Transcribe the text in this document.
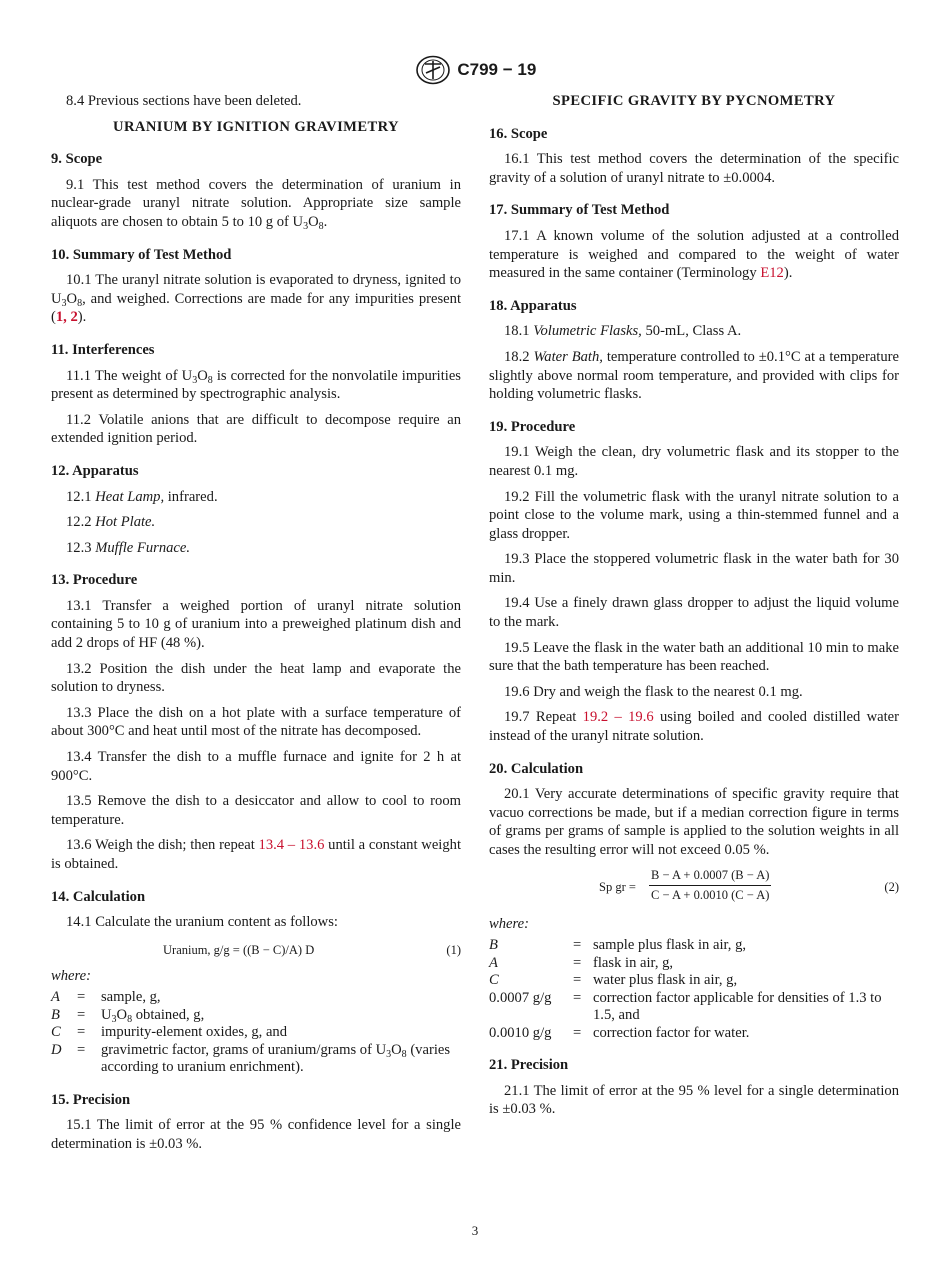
C799 − 19

8.4 Previous sections have been deleted.

URANIUM BY IGNITION GRAVIMETRY

9. Scope

9.1 This test method covers the determination of uranium in nuclear-grade uranyl nitrate solution. Appropriate size sample aliquots are chosen to obtain 5 to 10 g of $U_3O_8$.

10. Summary of Test Method

10.1 The uranyl nitrate solution is evaporated to dryness, ignited to $U_3O_8$, and weighed. Corrections are made for any impurities present (1, 2).

11. Interferences

11.1 The weight of $U_3O_8$ is corrected for the nonvolatile impurities present as determined by spectrographic analysis.

11.2 Volatile anions that are difficult to decompose require an extended ignition period.

12. Apparatus

12.1 Heat Lamp, infrared.

12.2 Hot Plate.

12.3 Muffle Furnace.

13. Procedure

13.1 Transfer a weighed portion of uranyl nitrate solution containing 5 to 10 g of uranium into a preweighed platinum dish and add 2 drops of HF (48 %).

13.2 Position the dish under the heat lamp and evaporate the solution to dryness.

13.3 Place the dish on a hot plate with a surface temperature of about 300°C and heat until most of the nitrate has decomposed.

13.4 Transfer the dish to a muffle furnace and ignite for 2 h at 900°C.

13.5 Remove the dish to a desiccator and allow to cool to room temperature.

13.6 Weigh the dish; then repeat 13.4 – 13.6 until a constant weight is obtained.

14. Calculation

14.1 Calculate the uranium content as follows:

Uranium, g/g = ((B − C)/A) D	(1)

where:

A	=	sample, g,
B	=	$U_3O_8$ obtained, g,
C	=	impurity-element oxides, g, and
D	=	gravimetric factor, grams of uranium/grams of $U_3O_8$ (varies according to uranium enrichment).

15. Precision

15.1 The limit of error at the 95 % confidence level for a single determination is ±0.03 %.

SPECIFIC GRAVITY BY PYCNOMETRY

16. Scope

16.1 This test method covers the determination of the specific gravity of a solution of uranyl nitrate to ±0.0004.

17. Summary of Test Method

17.1 A known volume of the solution adjusted at a controlled temperature is weighed and compared to the weight of water measured in the same container (Terminology E12).

18. Apparatus

18.1 Volumetric Flasks, 50-mL, Class A.

18.2 Water Bath, temperature controlled to ±0.1°C at a temperature slightly above normal room temperature, and provided with clips for holding volumetric flasks.

19. Procedure

19.1 Weigh the clean, dry volumetric flask and its stopper to the nearest 0.1 mg.

19.2 Fill the volumetric flask with the uranyl nitrate solution to a point close to the volume mark, using a thin-stemmed funnel and a glass dropper.

19.3 Place the stoppered volumetric flask in the water bath for 30 min.

19.4 Use a finely drawn glass dropper to adjust the liquid volume to the mark.

19.5 Leave the flask in the water bath an additional 10 min to make sure that the bath temperature has been reached.

19.6 Dry and weigh the flask to the nearest 0.1 mg.

19.7 Repeat 19.2 – 19.6 using boiled and cooled distilled water instead of the uranyl nitrate solution.

20. Calculation

20.1 Very accurate determinations of specific gravity require that vacuo corrections be made, but if a median correction figure in terms of grams per grams of sample is applied to the solution weights in all cases the resulting error will not exceed 0.05 %.

Sp gr = $\frac{B - A + 0.0007 (B - A)}{C - A + 0.0010 (C - A)}$	(2)

where:

B	=	sample plus flask in air, g,
A	=	flask in air, g,
C	=	water plus flask in air, g,
0.0007 g/g	=	correction factor applicable for densities of 1.3 to 1.5, and
0.0010 g/g	=	correction factor for water.

21. Precision

21.1 The limit of error at the 95 % level for a single determination is ±0.03 %.

3
